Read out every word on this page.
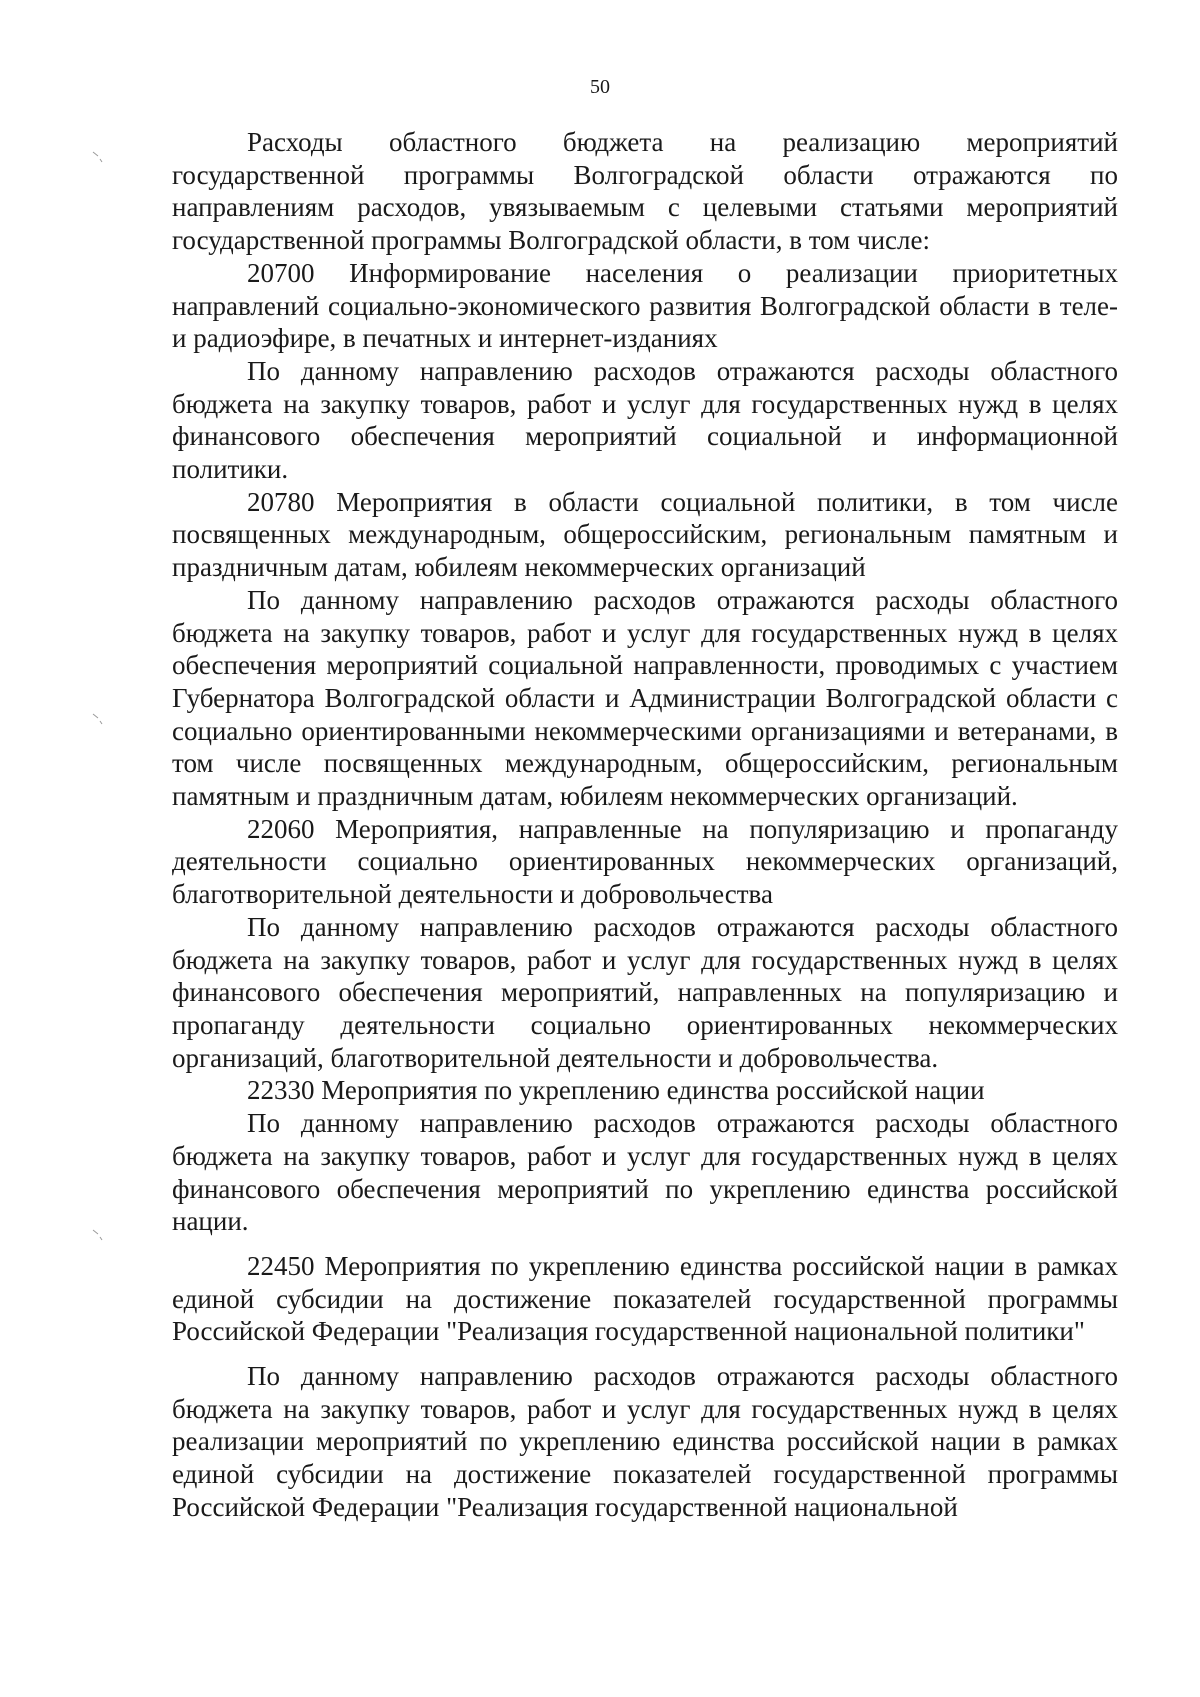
50

Расходы областного бюджета на реализацию мероприятий государственной программы Волгоградской области отражаются по направлениям расходов, увязываемым с целевыми статьями мероприятий государственной программы Волгоградской области, в том числе:

20700 Информирование населения о реализации приоритетных направлений социально-экономического развития Волгоградской области в теле- и радиоэфире, в печатных и интернет-изданиях

По данному направлению расходов отражаются расходы областного бюджета на закупку товаров, работ и услуг для государственных нужд в целях финансового обеспечения мероприятий социальной и информационной политики.

20780 Мероприятия в области социальной политики, в том числе посвященных международным, общероссийским, региональным памятным и праздничным датам, юбилеям некоммерческих организаций

По данному направлению расходов отражаются расходы областного бюджета на закупку товаров, работ и услуг для государственных нужд в целях обеспечения мероприятий социальной направленности, проводимых с участием Губернатора Волгоградской области и Администрации Волгоградской области с социально ориентированными некоммерческими организациями и ветеранами, в том числе посвященных международным, общероссийским, региональным памятным и праздничным датам, юбилеям некоммерческих организаций.

22060 Мероприятия, направленные на популяризацию и пропаганду деятельности социально ориентированных некоммерческих организаций, благотворительной деятельности и добровольчества

По данному направлению расходов отражаются расходы областного бюджета на закупку товаров, работ и услуг для государственных нужд в целях финансового обеспечения мероприятий, направленных на популяризацию и пропаганду деятельности социально ориентированных некоммерческих организаций, благотворительной деятельности и добровольчества.

22330 Мероприятия по укреплению единства российской нации

По данному направлению расходов отражаются расходы областного бюджета на закупку товаров, работ и услуг для государственных нужд в целях финансового обеспечения мероприятий по укреплению единства российской нации.

22450 Мероприятия по укреплению единства российской нации в рамках единой субсидии на достижение показателей государственной программы Российской Федерации "Реализация государственной национальной политики"

По данному направлению расходов отражаются расходы областного бюджета на закупку товаров, работ и услуг для государственных нужд в целях реализации мероприятий по укреплению единства российской нации в рамках единой субсидии на достижение показателей государственной программы Российской Федерации "Реализация государственной национальной
